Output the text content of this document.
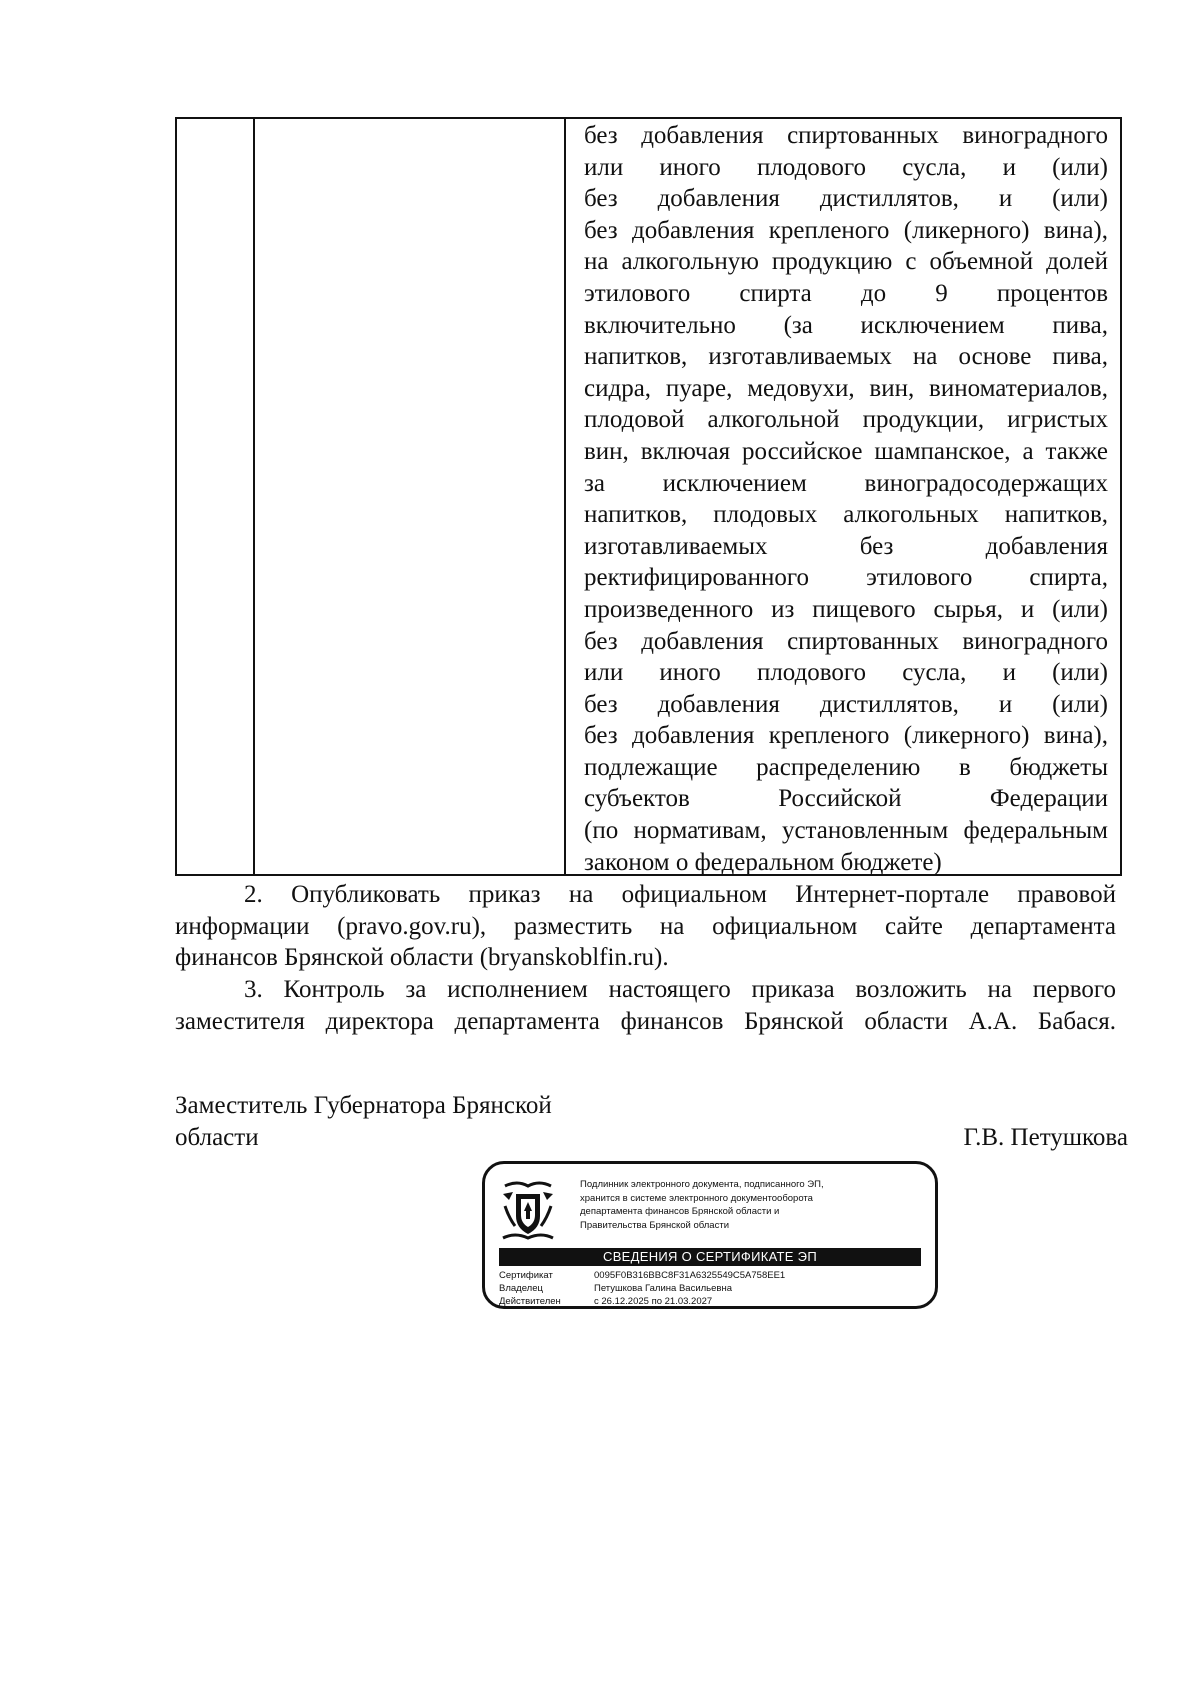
без добавления спиртованных виноградного
или иного плодового сусла, и (или)
без добавления дистиллятов, и (или)
без добавления крепленого (ликерного) вина),
на алкогольную продукцию с объемной долей
этилового спирта до 9 процентов
включительно (за исключением пива,
напитков, изготавливаемых на основе пива,
сидра, пуаре, медовухи, вин, виноматериалов,
плодовой алкогольной продукции, игристых
вин, включая российское шампанское, а также
за исключением виноградосодержащих
напитков, плодовых алкогольных напитков,
изготавливаемых без добавления
ректифицированного этилового спирта,
произведенного из пищевого сырья, и (или)
без добавления спиртованных виноградного
или иного плодового сусла, и (или)
без добавления дистиллятов, и (или)
без добавления крепленого (ликерного) вина),
подлежащие распределению в бюджеты
субъектов Российской Федерации
(по нормативам, установленным федеральным
законом о федеральном бюджете)
2. Опубликовать приказ на официальном Интернет-портале правовой
информации (pravo.gov.ru), разместить на официальном сайте департамента
финансов Брянской области (bryanskoblfin.ru).
3. Контроль за исполнением настоящего приказа возложить на первого
заместителя директора департамента финансов Брянской области А.А. Бабася.
Заместитель Губернатора Брянской
области	Г.В. Петушкова
Подлинник электронного документа, подписанного ЭП,
хранится в системе электронного документооборота
департамента финансов Брянской области и
Правительства Брянской области
СВЕДЕНИЯ О СЕРТИФИКАТЕ ЭП
Сертификат	0095F0B316BBC8F31A6325549C5A758EE1
Владелец	Петушкова Галина Васильевна
Действителен	с 26.12.2025 по 21.03.2027
